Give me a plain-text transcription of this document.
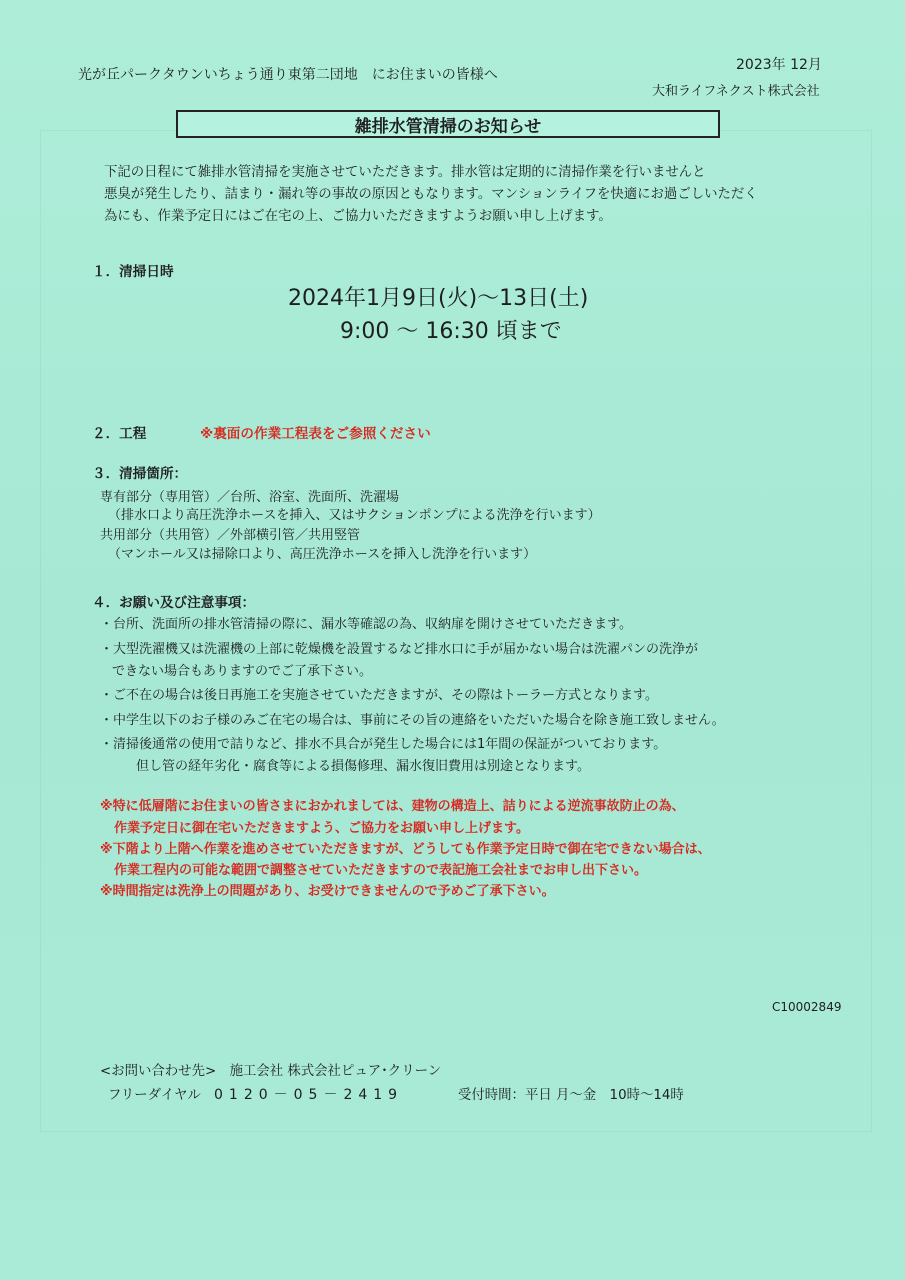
光が丘パークタウンいちょう通り東第二団地　にお住まいの皆様へ
2023年 12月
大和ライフネクスト株式会社
雑排水管清掃のお知らせ
下記の日程にて雑排水管清掃を実施させていただきます。排水管は定期的に清掃作業を行いませんと
悪臭が発生したり、詰まり・漏れ等の事故の原因ともなります。マンションライフを快適にお過ごしいただく
為にも、作業予定日にはご在宅の上、ご協力いただきますようお願い申し上げます。
１．清掃日時
2024年1月9日(火)～13日(土)
9:00 ～ 16:30 頃まで
２．工程	※裏面の作業工程表をご参照ください
３．清掃箇所：
専有部分（専用管）／台所、浴室、洗面所、洗濯場
（排水口より高圧洗浄ホースを挿入、又はサクションポンプによる洗浄を行います）
共用部分（共用管）／外部横引管／共用竪管
（マンホール又は掃除口より、高圧洗浄ホースを挿入し洗浄を行います）
４．お願い及び注意事項：
・台所、洗面所の排水管清掃の際に、漏水等確認の為、収納扉を開けさせていただきます。
・大型洗濯機又は洗濯機の上部に乾燥機を設置するなど排水口に手が届かない場合は洗濯パンの洗浄が
できない場合もありますのでご了承下さい。
・ご不在の場合は後日再施工を実施させていただきますが、その際はトーラー方式となります。
・中学生以下のお子様のみご在宅の場合は、事前にその旨の連絡をいただいた場合を除き施工致しません。
・清掃後通常の使用で詰りなど、排水不具合が発生した場合には1年間の保証がついております。
但し管の経年劣化・腐食等による損傷修理、漏水復旧費用は別途となります。
※特に低層階にお住まいの皆さまにおかれましては、建物の構造上、詰りによる逆流事故防止の為、
作業予定日に御在宅いただきますよう、ご協力をお願い申し上げます。
※下階より上階へ作業を進めさせていただきますが、どうしても作業予定日時で御在宅できない場合は、
作業工程内の可能な範囲で調整させていただきますので表記施工会社までお申し出下さい。
※時間指定は洗浄上の問題があり、お受けできませんので予めご了承下さい。
C10002849
<お問い合わせ先>　施工会社 株式会社ピュア･クリーン
フリーダイヤル 0120－05－2419	受付時間：平日 月～金　10時～14時
